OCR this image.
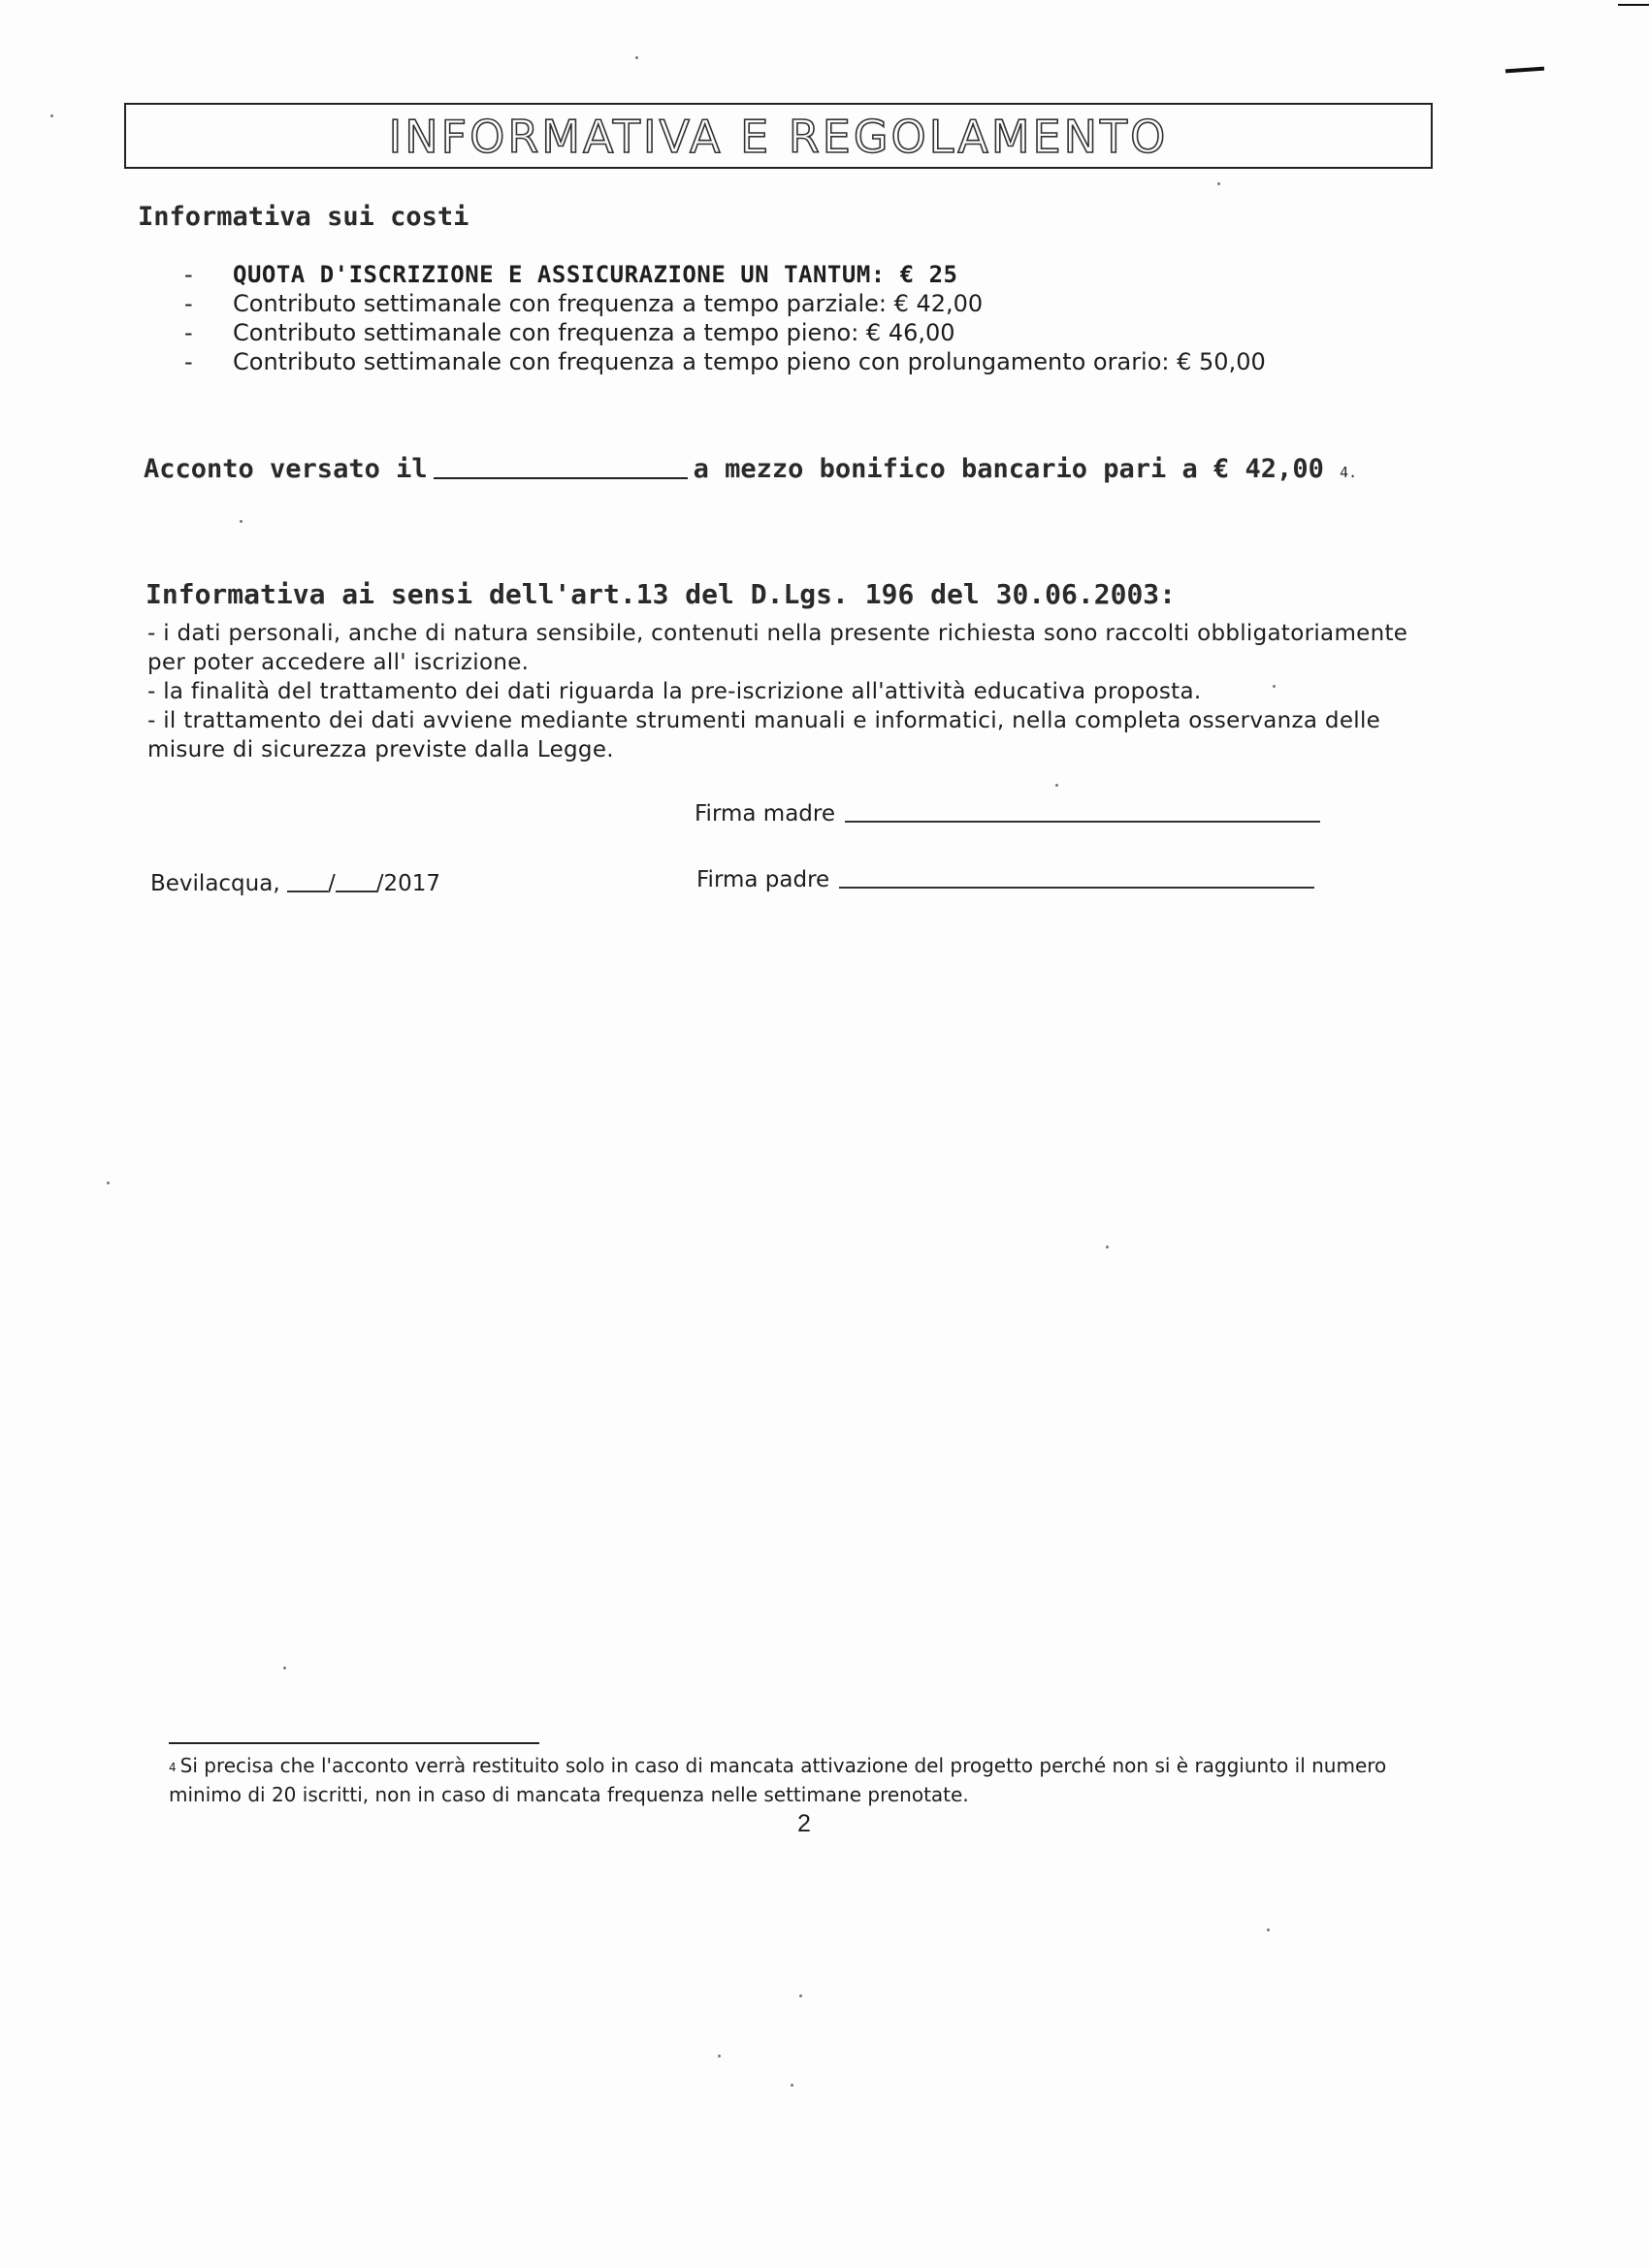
INFORMATIVA E REGOLAMENTO
Informativa sui costi
- QUOTA D'ISCRIZIONE E ASSICURAZIONE UN TANTUM: € 25
- Contributo settimanale con frequenza a tempo parziale: € 42,00
- Contributo settimanale con frequenza a tempo pieno: € 46,00
- Contributo settimanale con frequenza a tempo pieno con prolungamento orario: € 50,00
Acconto versato il	a mezzo bonifico bancario pari a € 42,00 4.
Informativa ai sensi dell'art.13 del D.Lgs. 196 del 30.06.2003:

- i dati personali, anche di natura sensibile, contenuti nella presente richiesta sono raccolti obbligatoriamente per poter accedere all' iscrizione.

- la finalità del trattamento dei dati riguarda la pre-iscrizione all'attività educativa proposta.

- il trattamento dei dati avviene mediante strumenti manuali e informatici, nella completa osservanza delle misure di sicurezza previste dalla Legge.

Firma madre
Bevilacqua, / /2017	Firma padre
4 Si precisa che l'acconto verrà restituito solo in caso di mancata attivazione del progetto perché non si è raggiunto il numero minimo di 20 iscritti, non in caso di mancata frequenza nelle settimane prenotate.
2
